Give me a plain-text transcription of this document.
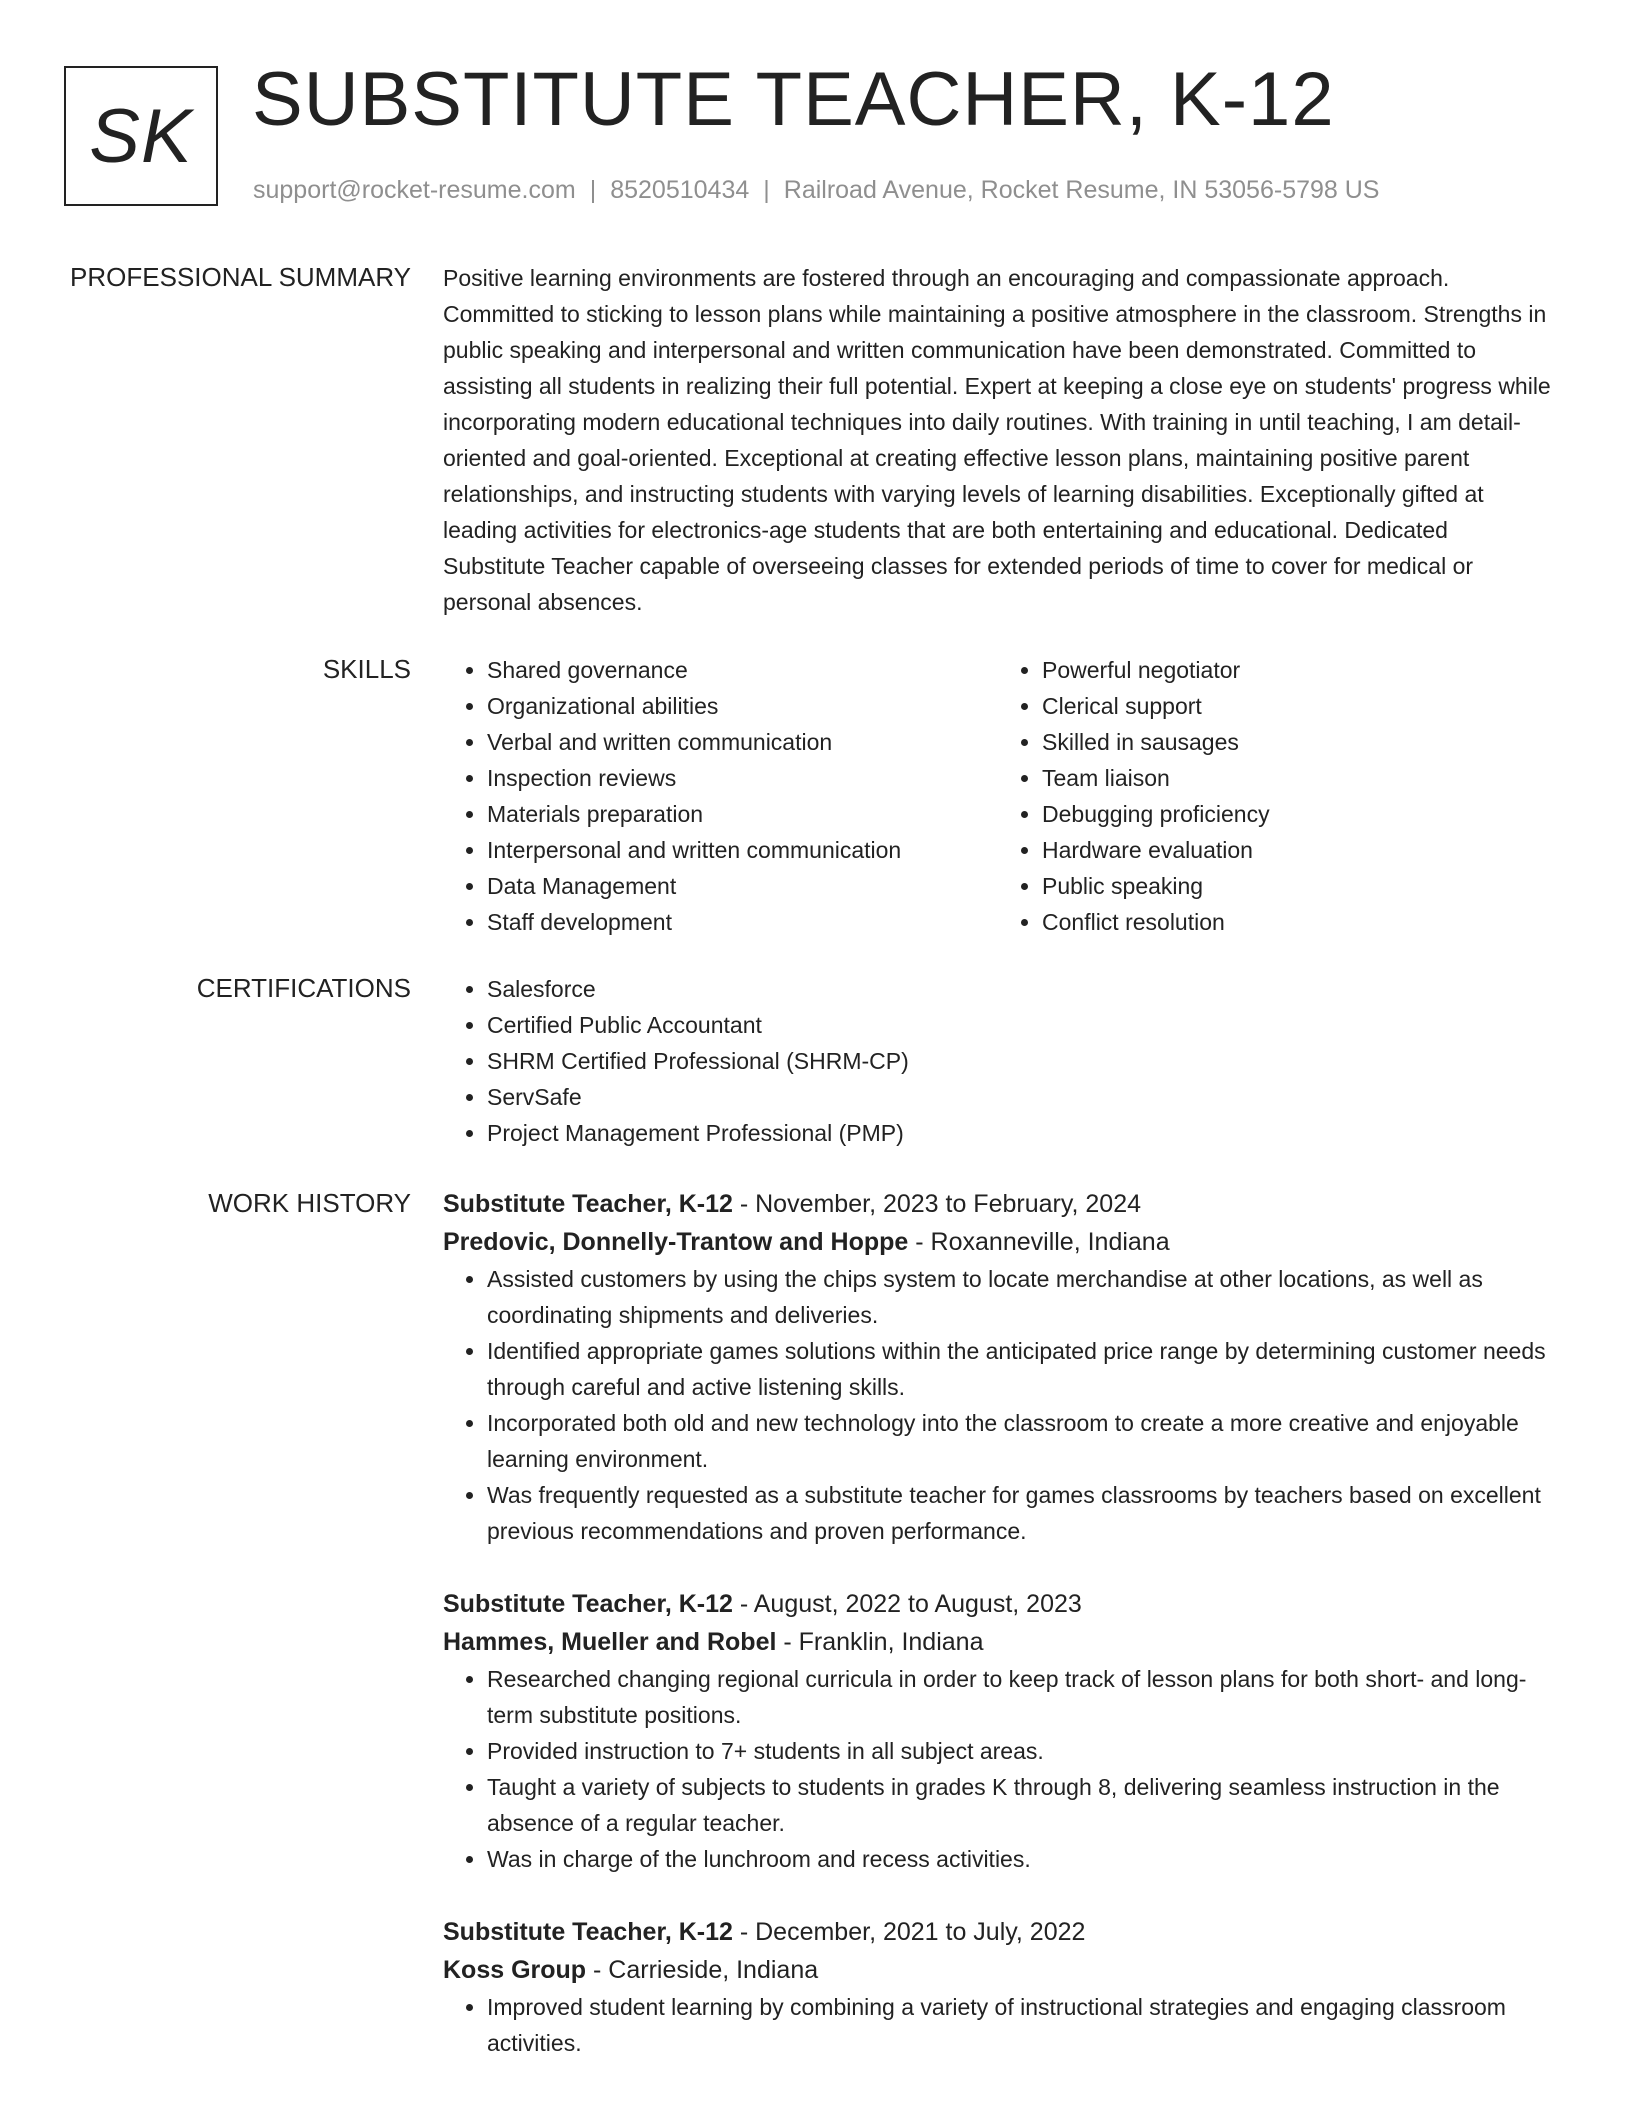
SK SUBSTITUTE TEACHER, K-12
support@rocket-resume.com | 8520510434 | Railroad Avenue, Rocket Resume, IN 53056-5798 US
PROFESSIONAL SUMMARY Positive learning environments are fostered through an encouraging and compassionate approach. Committed to sticking to lesson plans while maintaining a positive atmosphere in the classroom. Strengths in public speaking and interpersonal and written communication have been demonstrated. Committed to assisting all students in realizing their full potential. Expert at keeping a close eye on students' progress while incorporating modern educational techniques into daily routines. With training in until teaching, I am detail-oriented and goal-oriented. Exceptional at creating effective lesson plans, maintaining positive parent relationships, and instructing students with varying levels of learning disabilities. Exceptionally gifted at leading activities for electronics-age students that are both entertaining and educational. Dedicated Substitute Teacher capable of overseeing classes for extended periods of time to cover for medical or personal absences.

SKILLS	• Shared governance
• Organizational abilities
• Verbal and written communication
• Inspection reviews
• Materials preparation
• Interpersonal and written communication
• Data Management
• Staff development
• Powerful negotiator
• Clerical support
• Skilled in sausages
• Team liaison
• Debugging proficiency
• Hardware evaluation
• Public speaking
• Conflict resolution
CERTIFICATIONS	• Salesforce
• Certified Public Accountant
• SHRM Certified Professional (SHRM-CP)
• ServSafe
• Project Management Professional (PMP)
WORK HISTORY Substitute Teacher, K-12 - November, 2023 to February, 2024
Predovic, Donnelly-Trantow and Hoppe - Roxanneville, Indiana
• Assisted customers by using the chips system to locate merchandise at other locations, as well as coordinating shipments and deliveries.
• Identified appropriate games solutions within the anticipated price range by determining customer needs through careful and active listening skills.
• Incorporated both old and new technology into the classroom to create a more creative and enjoyable learning environment.
• Was frequently requested as a substitute teacher for games classrooms by teachers based on excellent previous recommendations and proven performance.
Substitute Teacher, K-12 - August, 2022 to August, 2023
Hammes, Mueller and Robel - Franklin, Indiana
• Researched changing regional curricula in order to keep track of lesson plans for both short- and long-term substitute positions.
• Provided instruction to 7+ students in all subject areas.
• Taught a variety of subjects to students in grades K through 8, delivering seamless instruction in the absence of a regular teacher.
• Was in charge of the lunchroom and recess activities.
Substitute Teacher, K-12 - December, 2021 to July, 2022
Koss Group - Carrieside, Indiana
• Improved student learning by combining a variety of instructional strategies and engaging classroom activities.
